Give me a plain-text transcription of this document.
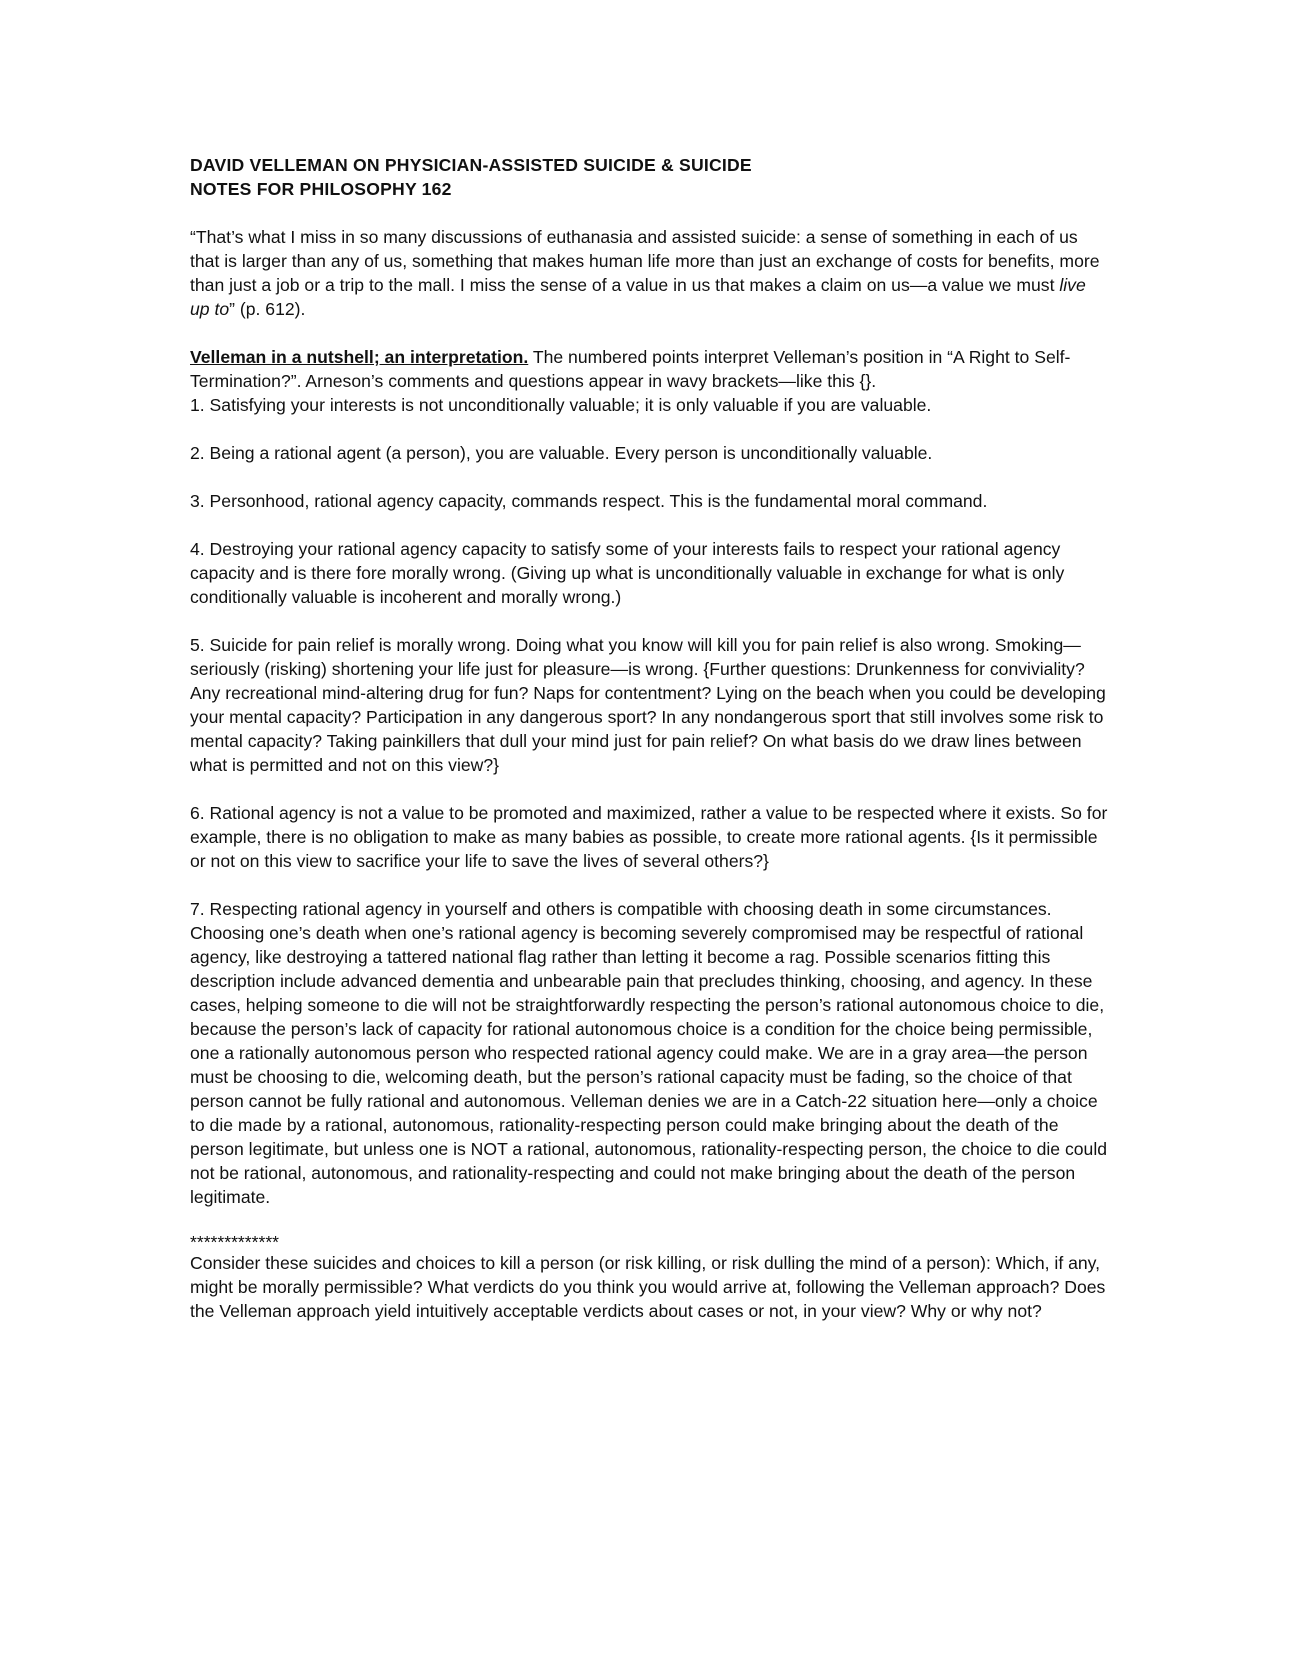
DAVID VELLEMAN ON PHYSICIAN-ASSISTED SUICIDE & SUICIDE
NOTES FOR PHILOSOPHY 162

“That’s what I miss in so many discussions of euthanasia and assisted suicide: a sense of something in each of us that is larger than any of us, something that makes human life more than just an exchange of costs for benefits, more than just a job or a trip to the mall. I miss the sense of a value in us that makes a claim on us—a value we must live up to” (p. 612).

Velleman in a nutshell; an interpretation. The numbered points interpret Velleman’s position in “A Right to Self-Termination?”. Arneson’s comments and questions appear in wavy brackets—like this {}.

1. Satisfying your interests is not unconditionally valuable; it is only valuable if you are valuable.

2. Being a rational agent (a person), you are valuable. Every person is unconditionally valuable.

3. Personhood, rational agency capacity, commands respect. This is the fundamental moral command.

4. Destroying your rational agency capacity to satisfy some of your interests fails to respect your rational agency capacity and is there fore morally wrong. (Giving up what is unconditionally valuable in exchange for what is only conditionally valuable is incoherent and morally wrong.)

5. Suicide for pain relief is morally wrong. Doing what you know will kill you for pain relief is also wrong. Smoking—seriously (risking) shortening your life just for pleasure—is wrong. {Further questions: Drunkenness for conviviality? Any recreational mind-altering drug for fun? Naps for contentment? Lying on the beach when you could be developing your mental capacity? Participation in any dangerous sport? In any nondangerous sport that still involves some risk to mental capacity? Taking painkillers that dull your mind just for pain relief? On what basis do we draw lines between what is permitted and not on this view?}

6. Rational agency is not a value to be promoted and maximized, rather a value to be respected where it exists. So for example, there is no obligation to make as many babies as possible, to create more rational agents. {Is it permissible or not on this view to sacrifice your life to save the lives of several others?}

7. Respecting rational agency in yourself and others is compatible with choosing death in some circumstances. Choosing one’s death when one’s rational agency is becoming severely compromised may be respectful of rational agency, like destroying a tattered national flag rather than letting it become a rag. Possible scenarios fitting this description include advanced dementia and unbearable pain that precludes thinking, choosing, and agency. In these cases, helping someone to die will not be straightforwardly respecting the person’s rational autonomous choice to die, because the person’s lack of capacity for rational autonomous choice is a condition for the choice being permissible, one a rationally autonomous person who respected rational agency could make. We are in a gray area—the person must be choosing to die, welcoming death, but the person’s rational capacity must be fading, so the choice of that person cannot be fully rational and autonomous. Velleman denies we are in a Catch-22 situation here—only a choice to die made by a rational, autonomous, rationality-respecting person could make bringing about the death of the person legitimate, but unless one is NOT a rational, autonomous, rationality-respecting person, the choice to die could not be rational, autonomous, and rationality-respecting and could not make bringing about the death of the person legitimate.

*************

Consider these suicides and choices to kill a person (or risk killing, or risk dulling the mind of a person): Which, if any, might be morally permissible? What verdicts do you think you would arrive at, following the Velleman approach? Does the Velleman approach yield intuitively acceptable verdicts about cases or not, in your view? Why or why not?
